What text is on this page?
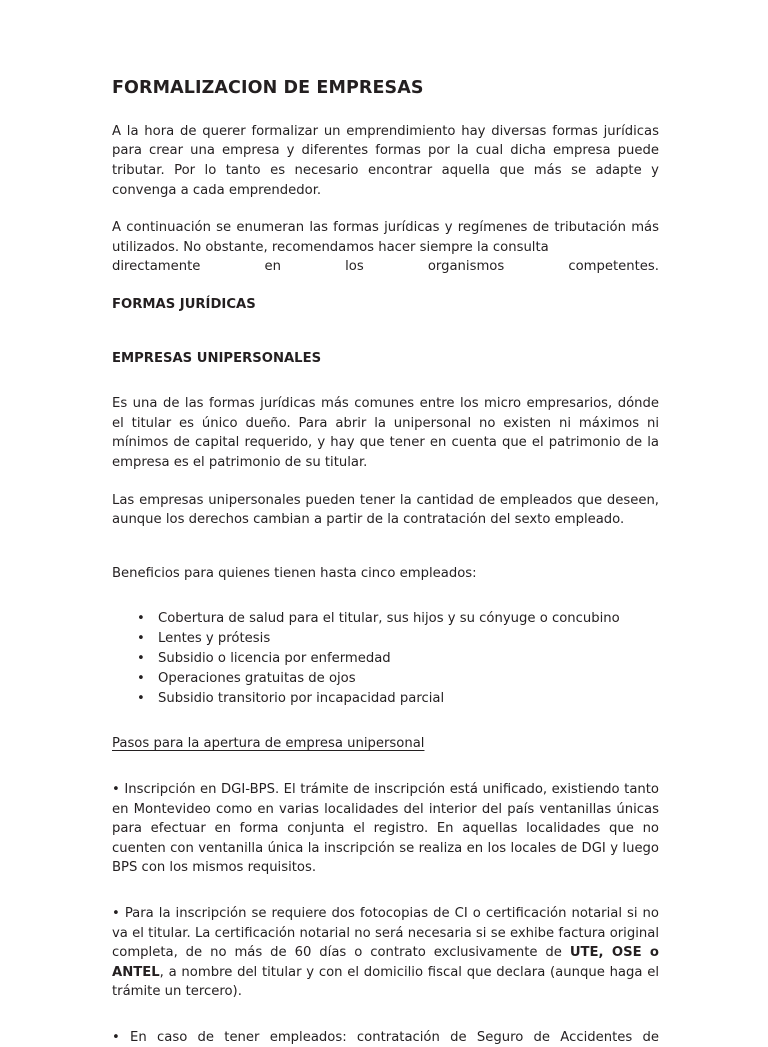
FORMALIZACION DE EMPRESAS

A la hora de querer formalizar un emprendimiento hay diversas formas jurídicas para crear una empresa y diferentes formas por la cual dicha empresa puede tributar. Por lo tanto es necesario encontrar aquella que más se adapte y convenga a cada emprendedor.

A continuación se enumeran las formas jurídicas y regímenes de tributación más utilizados. No obstante, recomendamos hacer siempre la consulta
directamente en los organismos competentes.

FORMAS JURÍDICAS
EMPRESAS UNIPERSONALES

Es una de las formas jurídicas más comunes entre los micro empresarios, dónde el titular es único dueño. Para abrir la unipersonal no existen ni máximos ni mínimos de capital requerido, y hay que tener en cuenta que el patrimonio de la empresa es el patrimonio de su titular.

Las empresas unipersonales pueden tener la cantidad de empleados que deseen, aunque los derechos cambian a partir de la contratación del sexto empleado.

Beneficios para quienes tienen hasta cinco empleados:

• Cobertura de salud para el titular, sus hijos y su cónyuge o concubino
• Lentes y prótesis
• Subsidio o licencia por enfermedad
• Operaciones gratuitas de ojos
• Subsidio transitorio por incapacidad parcial

Pasos para la apertura de empresa unipersonal

• Inscripción en DGI-BPS. El trámite de inscripción está unificado, existiendo tanto en Montevideo como en varias localidades del interior del país ventanillas únicas para efectuar en forma conjunta el registro. En aquellas localidades que no cuenten con ventanilla única la inscripción se realiza en los locales de DGI y luego BPS con los mismos requisitos.

• Para la inscripción se requiere dos fotocopias de CI o certificación notarial si no va el titular. La certificación notarial no será necesaria si se exhibe factura original completa, de no más de 60 días o contrato exclusivamente de UTE, OSE o ANTEL, a nombre del titular y con el domicilio fiscal que declara (aunque haga el trámite un tercero).

• En caso de tener empleados: contratación de Seguro de Accidentes de
